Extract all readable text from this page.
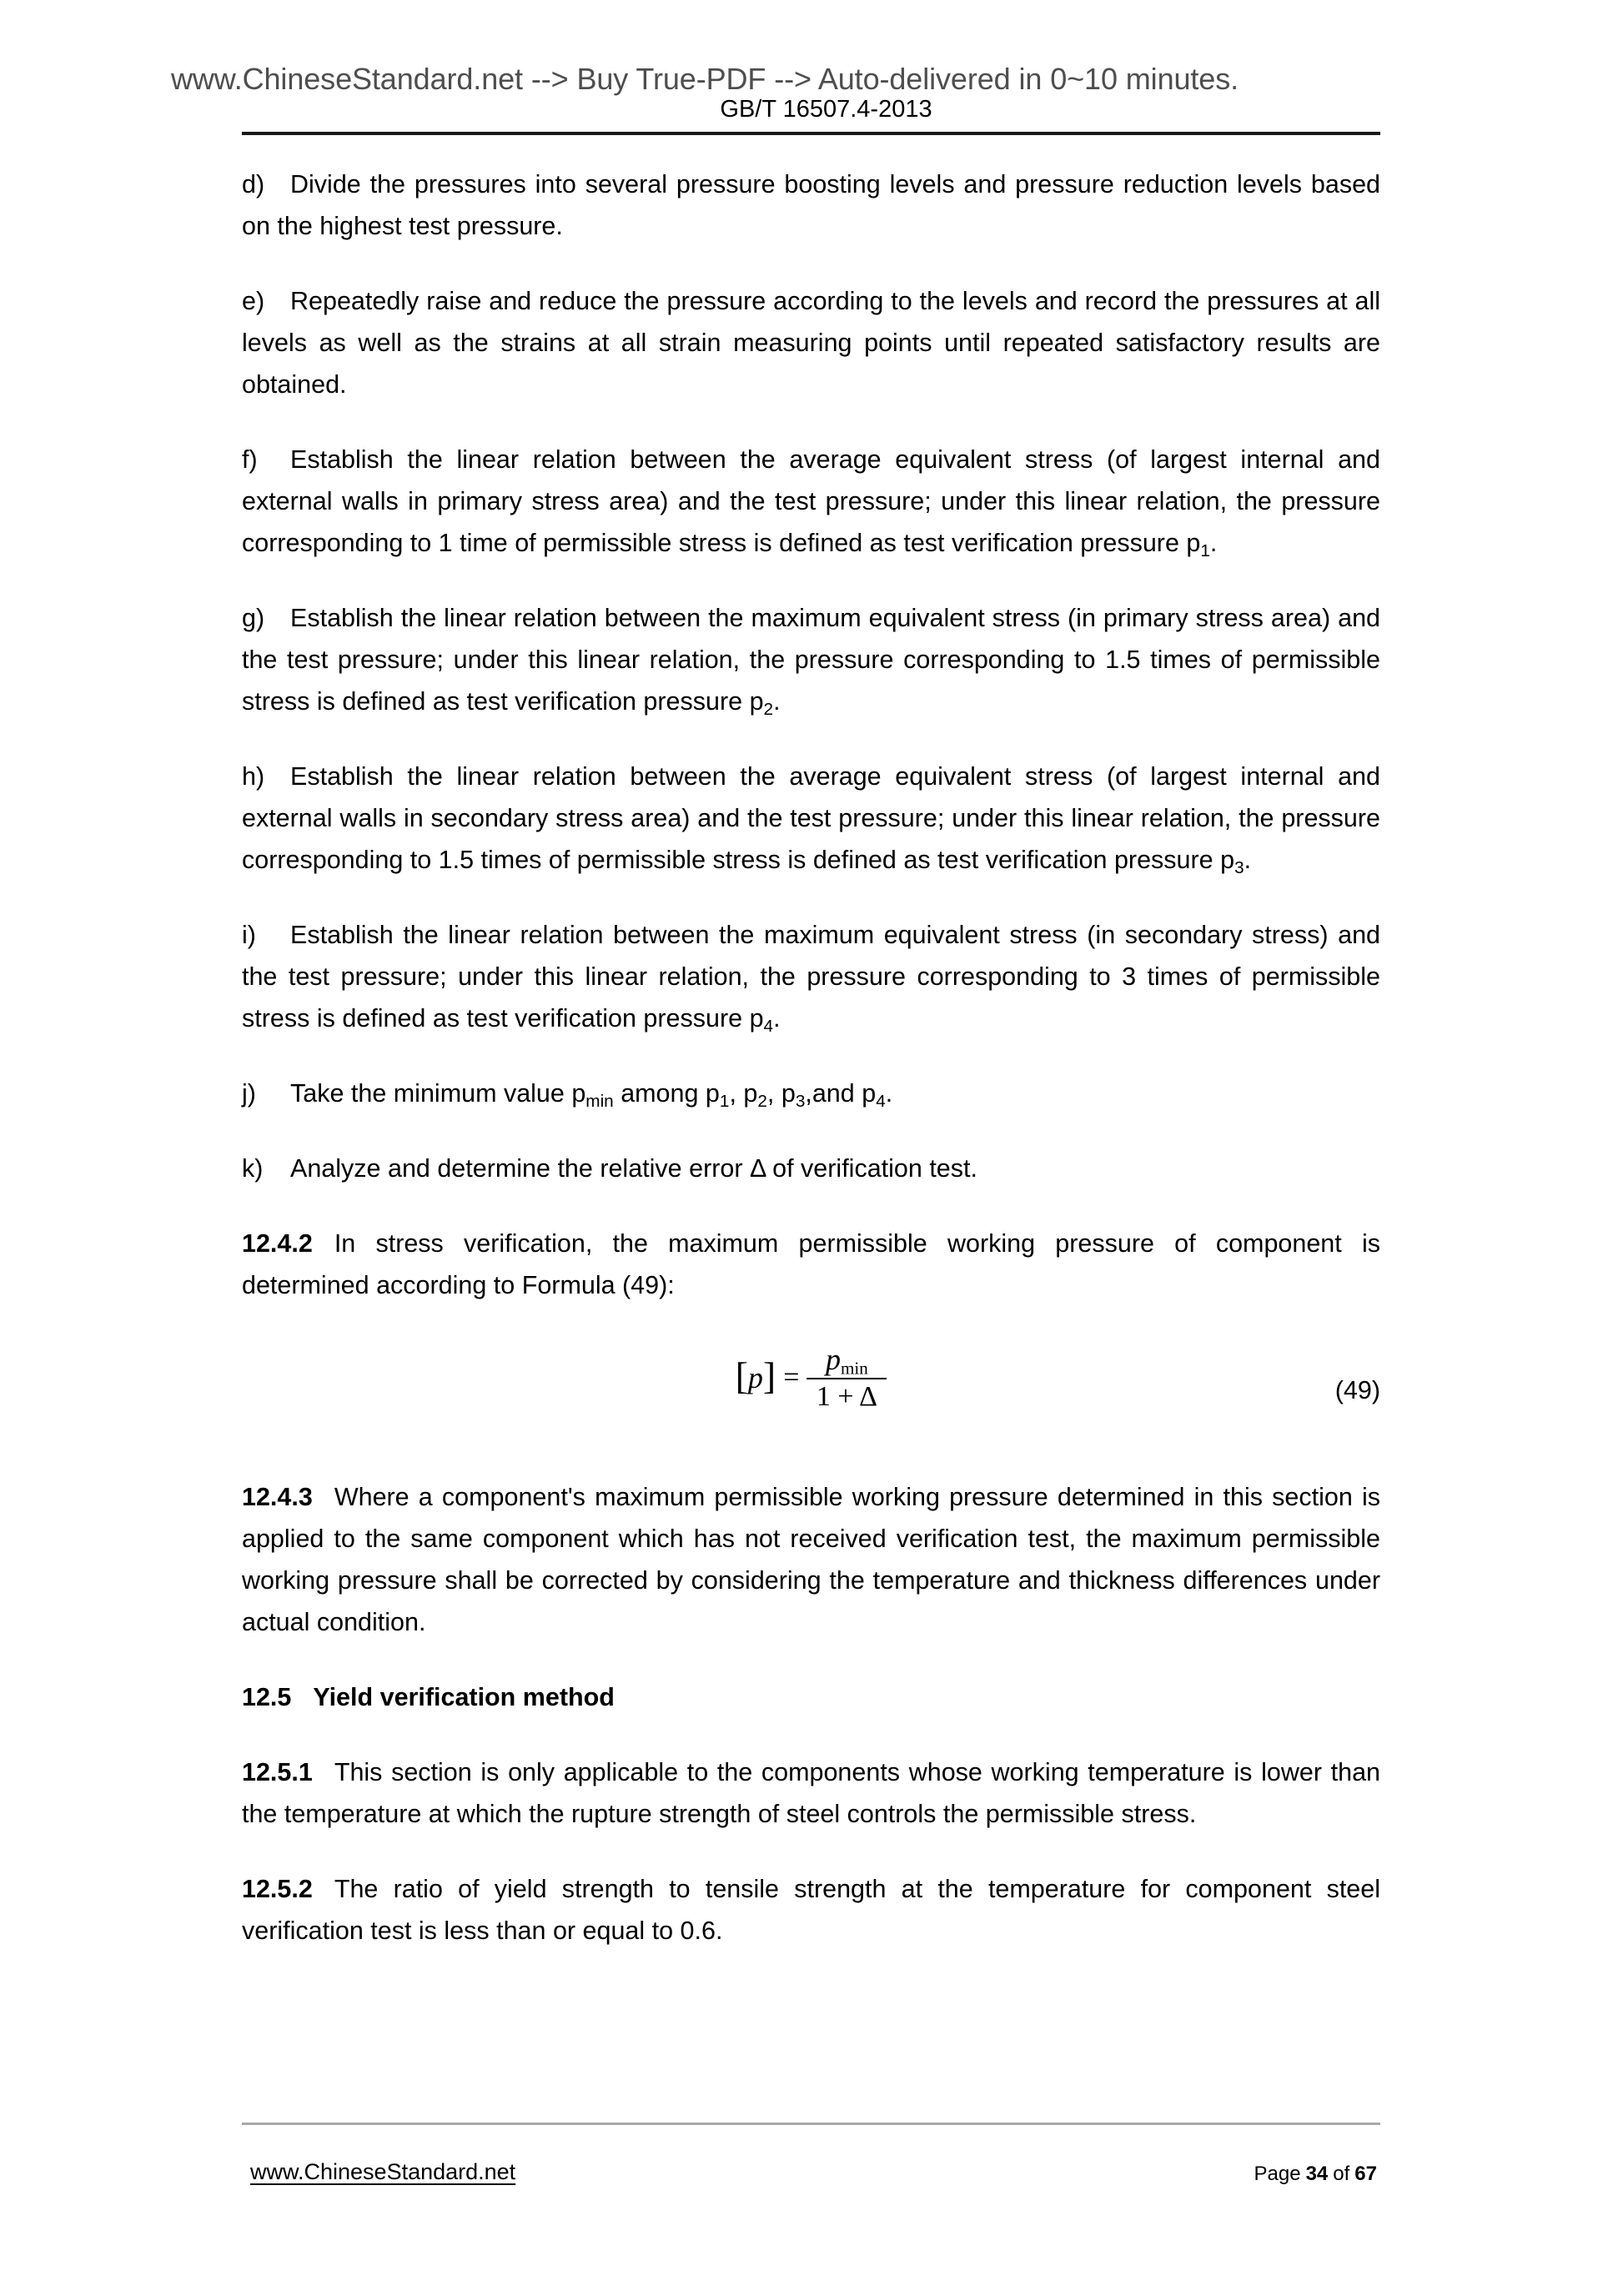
www.ChineseStandard.net --> Buy True-PDF --> Auto-delivered in 0~10 minutes.
GB/T 16507.4-2013

d) Divide the pressures into several pressure boosting levels and pressure reduction levels based on the highest test pressure.

e) Repeatedly raise and reduce the pressure according to the levels and record the pressures at all levels as well as the strains at all strain measuring points until repeated satisfactory results are obtained.

f) Establish the linear relation between the average equivalent stress (of largest internal and external walls in primary stress area) and the test pressure; under this linear relation, the pressure corresponding to 1 time of permissible stress is defined as test verification pressure $p_1$.

g) Establish the linear relation between the maximum equivalent stress (in primary stress area) and the test pressure; under this linear relation, the pressure corresponding to 1.5 times of permissible stress is defined as test verification pressure $p_2$.

h) Establish the linear relation between the average equivalent stress (of largest internal and external walls in secondary stress area) and the test pressure; under this linear relation, the pressure corresponding to 1.5 times of permissible stress is defined as test verification pressure $p_3$.

i) Establish the linear relation between the maximum equivalent stress (in secondary stress) and the test pressure; under this linear relation, the pressure corresponding to 3 times of permissible stress is defined as test verification pressure $p_4$.

j) Take the minimum value $p_{min}$ among $p_1$, $p_2$, $p_3,and$ $p_4$.

k) Analyze and determine the relative error Δ of verification test.

12.4.2 In stress verification, the maximum permissible working pressure of component is determined according to Formula (49):

[ p ] = $\frac{pmin}{1 + \Delta}$	(49)

12.4.3 Where a component's maximum permissible working pressure determined in this section is applied to the same component which has not received verification test, the maximum permissible working pressure shall be corrected by considering the temperature and thickness differences under actual condition.

12.5 Yield verification method

12.5.1 This section is only applicable to the components whose working temperature is lower than the temperature at which the rupture strength of steel controls the permissible stress.

12.5.2 The ratio of yield strength to tensile strength at the temperature for component steel verification test is less than or equal to 0.6.

www.ChineseStandard.net	Page 34 of 67
